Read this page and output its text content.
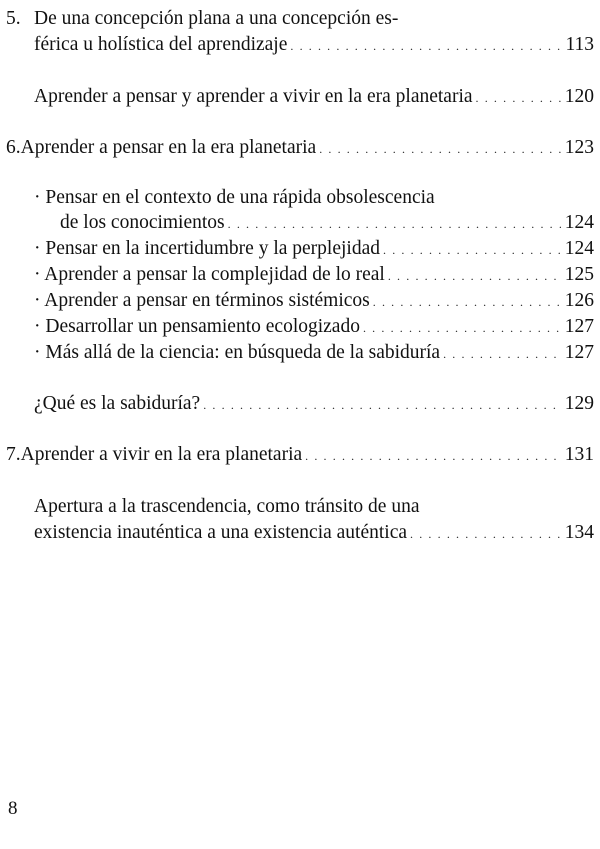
5. De una concepción plana a una concepción es-
férica u holística del aprendizaje . . .	113
Aprender a pensar y aprender a vivir en la era planetaria . . .	120
6. Aprender a pensar en la era planetaria . . .	123
· Pensar en el contexto de una rápida obsolescencia
de los conocimientos . . .	124
· Pensar en la incertidumbre y la perplejidad . . .	124
· Aprender a pensar la complejidad de lo real . . .	125
· Aprender a pensar en términos sistémicos . . .	126
· Desarrollar un pensamiento ecologizado . . .	127
· Más allá de la ciencia: en búsqueda de la sabiduría . . .	127
¿Qué es la sabiduría? . . .	129
7. Aprender a vivir en la era planetaria . . .	131
Apertura a la trascendencia, como tránsito de una
existencia inauténtica a una existencia auténtica . . .	134
8
